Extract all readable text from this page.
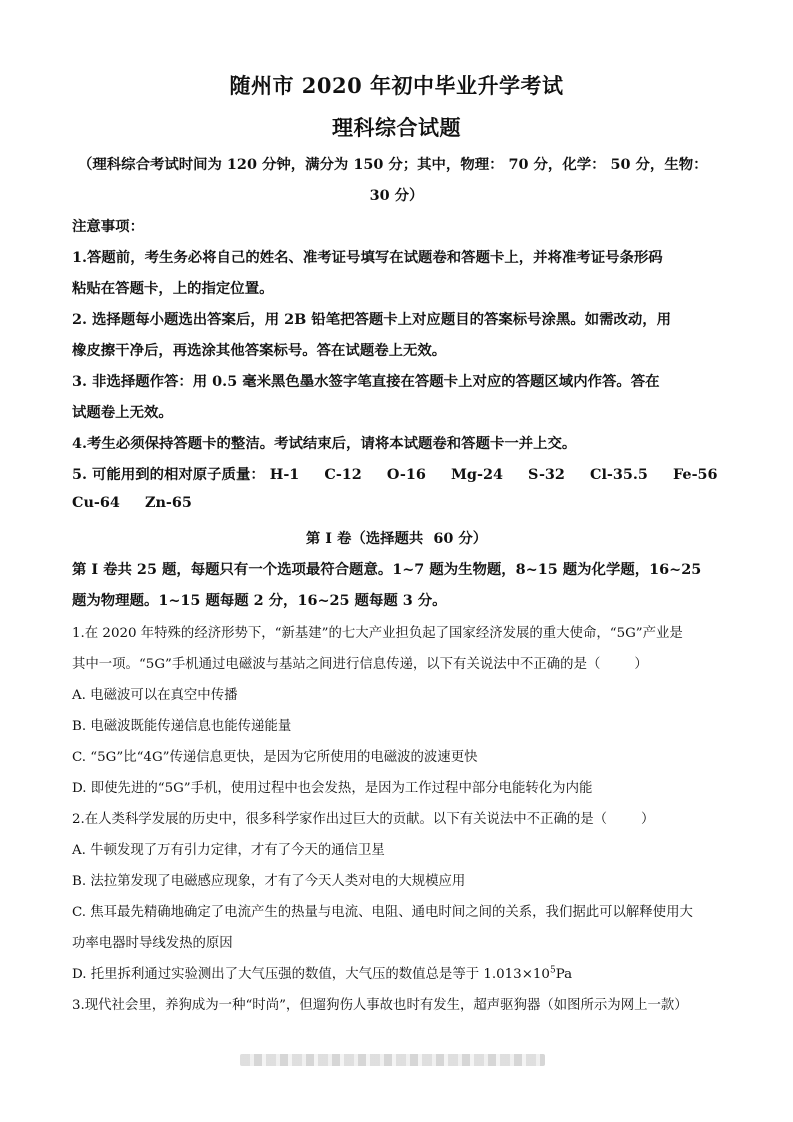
随州市 2020 年初中毕业升学考试
理科综合试题
（理科综合考试时间为 120 分钟，满分为 150 分；其中，物理： 70 分，化学： 50 分，生物：
30 分）
注意事项：
1.答题前，考生务必将自己的姓名、准考证号填写在试题卷和答题卡上，并将准考证号条形码
粘贴在答题卡，上的指定位置。
2. 选择题每小题选出答案后，用 2B 铅笔把答题卡上对应题目的答案标号涂黑。如需改动，用
橡皮擦干净后，再选涂其他答案标号。答在试题卷上无效。
3. 非选择题作答：用 0.5 毫米黑色墨水签字笔直接在答题卡上对应的答题区域内作答。答在
试题卷上无效。
4.考生必须保持答题卡的整洁。考试结束后，请将本试题卷和答题卡一并上交。
5. 可能用到的相对原子质量： H-1     C-12     O-16     Mg-24     S-32     Cl-35.5     Fe-56
Cu-64     Zn-65
第 I 卷（选择题共  60 分）
第 I 卷共 25 题，每题只有一个选项最符合题意。1~7 题为生物题，8~15 题为化学题，16~25
题为物理题。1~15 题每题 2 分，16~25 题每题 3 分。
1.在 2020 年特殊的经济形势下，“新基建”的七大产业担负起了国家经济发展的重大使命，“5G”产业是
其中一项。“5G”手机通过电磁波与基站之间进行信息传递，以下有关说法中不正确的是（        ）
A. 电磁波可以在真空中传播
B. 电磁波既能传递信息也能传递能量
C. “5G”比“4G”传递信息更快，是因为它所使用的电磁波的波速更快
D. 即使先进的“5G”手机，使用过程中也会发热，是因为工作过程中部分电能转化为内能
2.在人类科学发展的历史中，很多科学家作出过巨大的贡献。以下有关说法中不正确的是（        ）
A. 牛顿发现了万有引力定律，才有了今天的通信卫星
B. 法拉第发现了电磁感应现象，才有了今天人类对电的大规模应用
C. 焦耳最先精确地确定了电流产生的热量与电流、电阻、通电时间之间的关系，我们据此可以解释使用大
功率电器时导线发热的原因
D. 托里拆利通过实验测出了大气压强的数值，大气压的数值总是等于 $1.013\times 10^5Pa$
3.现代社会里，养狗成为一种“时尚”，但遛狗伤人事故也时有发生，超声驱狗器（如图所示为网上一款）
